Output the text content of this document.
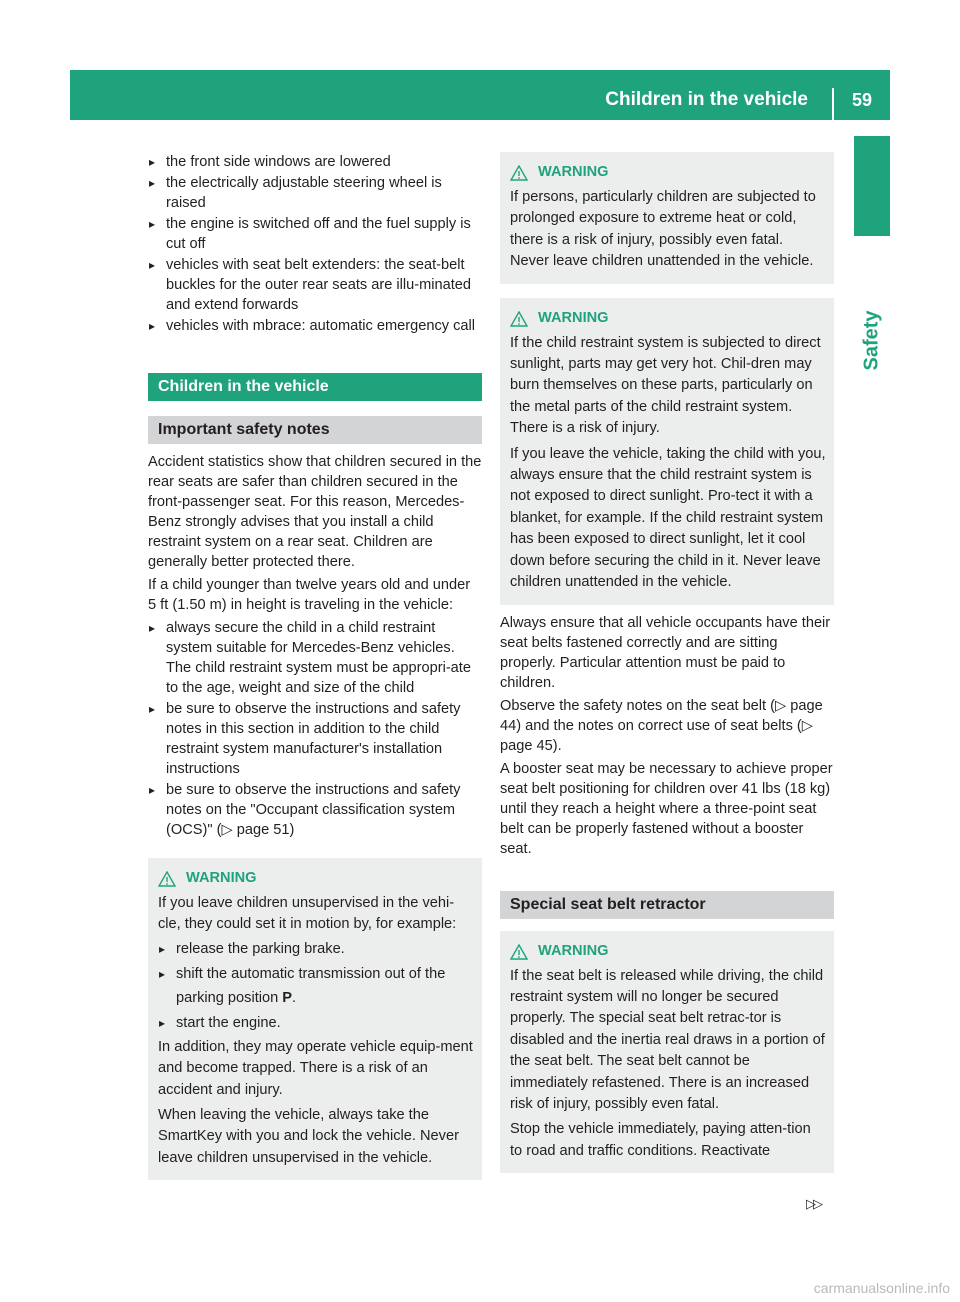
Children in the vehicle	59
Safety
▸ the front side windows are lowered
▸ the electrically adjustable steering wheel is raised
▸ the engine is switched off and the fuel supply is cut off
▸ vehicles with seat belt extenders: the seat-belt buckles for the outer rear seats are illu-minated and extend forwards
▸ vehicles with mbrace: automatic emergency call
Children in the vehicle
Important safety notes

Accident statistics show that children secured in the rear seats are safer than children secured in the front-passenger seat. For this reason, Mercedes-Benz strongly advises that you install a child restraint system on a rear seat. Children are generally better protected there.

If a child younger than twelve years old and under 5 ft (1.50 m) in height is traveling in the vehicle:

▸ always secure the child in a child restraint system suitable for Mercedes-Benz vehicles. The child restraint system must be appropri-ate to the age, weight and size of the child
▸ be sure to observe the instructions and safety notes in this section in addition to the child restraint system manufacturer's installation instructions
▸ be sure to observe the instructions and safety notes on the "Occupant classification system (OCS)" (▷ page 51)
WARNING

If you leave children unsupervised in the vehi-cle, they could set it in motion by, for example:

▸ release the parking brake.
▸ shift the automatic transmission out of the parking position P.
▸ start the engine.

In addition, they may operate vehicle equip-ment and become trapped. There is a risk of an accident and injury.

When leaving the vehicle, always take the SmartKey with you and lock the vehicle. Never leave children unsupervised in the vehicle.

WARNING

If persons, particularly children are subjected to prolonged exposure to extreme heat or cold, there is a risk of injury, possibly even fatal. Never leave children unattended in the vehicle.

WARNING

If the child restraint system is subjected to direct sunlight, parts may get very hot. Chil-dren may burn themselves on these parts, particularly on the metal parts of the child restraint system. There is a risk of injury.

If you leave the vehicle, taking the child with you, always ensure that the child restraint system is not exposed to direct sunlight. Pro-tect it with a blanket, for example. If the child restraint system has been exposed to direct sunlight, let it cool down before securing the child in it. Never leave children unattended in the vehicle.

Always ensure that all vehicle occupants have their seat belts fastened correctly and are sitting properly. Particular attention must be paid to children.

Observe the safety notes on the seat belt (▷ page 44) and the notes on correct use of seat belts (▷ page 45).

A booster seat may be necessary to achieve proper seat belt positioning for children over 41 lbs (18 kg) until they reach a height where a three-point seat belt can be properly fastened without a booster seat.

Special seat belt retractor
WARNING

If the seat belt is released while driving, the child restraint system will no longer be secured properly. The special seat belt retrac-tor is disabled and the inertia real draws in a portion of the seat belt. The seat belt cannot be immediately refastened. There is an increased risk of injury, possibly even fatal.

Stop the vehicle immediately, paying atten-tion to road and traffic conditions. Reactivate

▷▷
carmanualsonline.info
